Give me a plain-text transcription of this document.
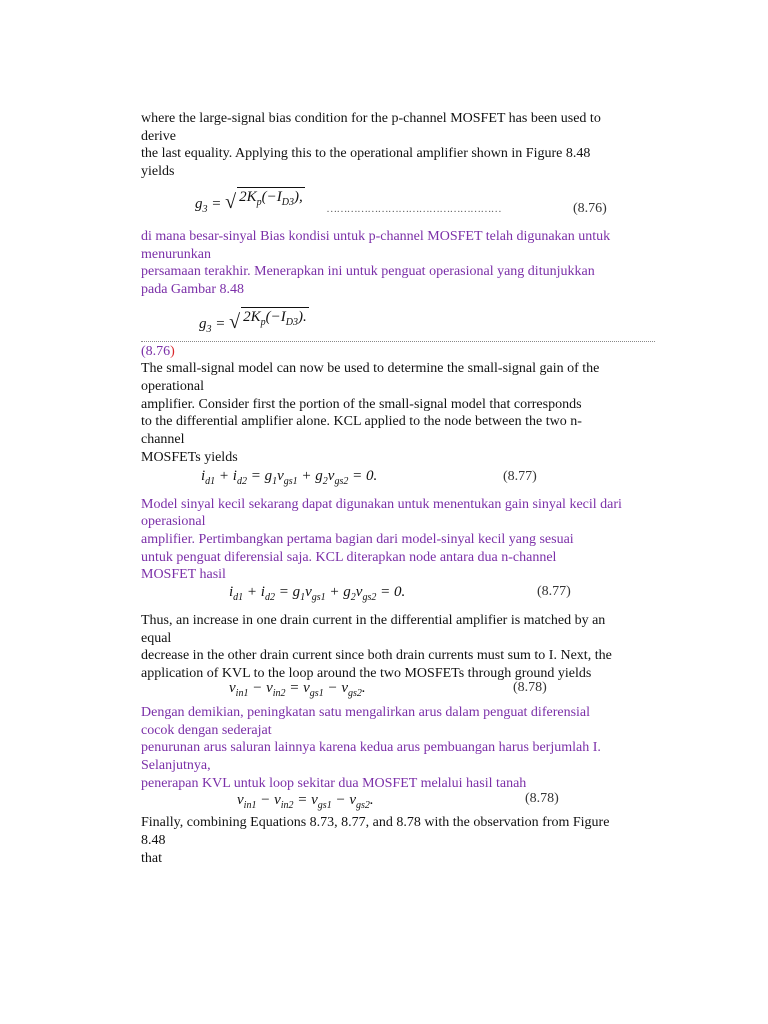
where the large-signal bias condition for the p-channel MOSFET has been used to
derive
the last equality. Applying this to the operational amplifier shown in Figure 8.48
yields

$g_3$ = √ $2K_p(-I_{D3})$,
……………………………………………	(8.76)

di mana besar-sinyal Bias kondisi untuk p-channel MOSFET telah digunakan untuk
menurunkan
persamaan terakhir. Menerapkan ini untuk penguat operasional yang ditunjukkan
pada Gambar 8.48

$g_3$ = √ $2K_p(-I_{D3})$.

(8.76)

The small-signal model can now be used to determine the small-signal gain of the
operational
amplifier. Consider first the portion of the small-signal model that corresponds
to the differential amplifier alone. KCL applied to the node between the two n-
channel
MOSFETs yields

$i_{d1} + i_{d2} = g_1v_{gs1} + g_2v_{gs2} = 0$.	(8.77)

Model sinyal kecil sekarang dapat digunakan untuk menentukan gain sinyal kecil dari
operasional
amplifier. Pertimbangkan pertama bagian dari model-sinyal kecil yang sesuai
untuk penguat diferensial saja. KCL diterapkan node antara dua n-channel
MOSFET hasil

$i_{d1} + i_{d2} = g_1v_{gs1} + g_2v_{gs2} = 0$.	(8.77)

Thus, an increase in one drain current in the differential amplifier is matched by an
equal
decrease in the other drain current since both drain currents must sum to I. Next, the
application of KVL to the loop around the two MOSFETs through ground yields

$v_{in1} - v_{in2} = v_{gs1} - v_{gs2}$.	(8.78)

Dengan demikian, peningkatan satu mengalirkan arus dalam penguat diferensial
cocok dengan sederajat
penurunan arus saluran lainnya karena kedua arus pembuangan harus berjumlah I.
Selanjutnya,
penerapan KVL untuk loop sekitar dua MOSFET melalui hasil tanah

$v_{in1} - v_{in2} = v_{gs1} - v_{gs2}$.	(8.78)

Finally, combining Equations 8.73, 8.77, and 8.78 with the observation from Figure
8.48
that
